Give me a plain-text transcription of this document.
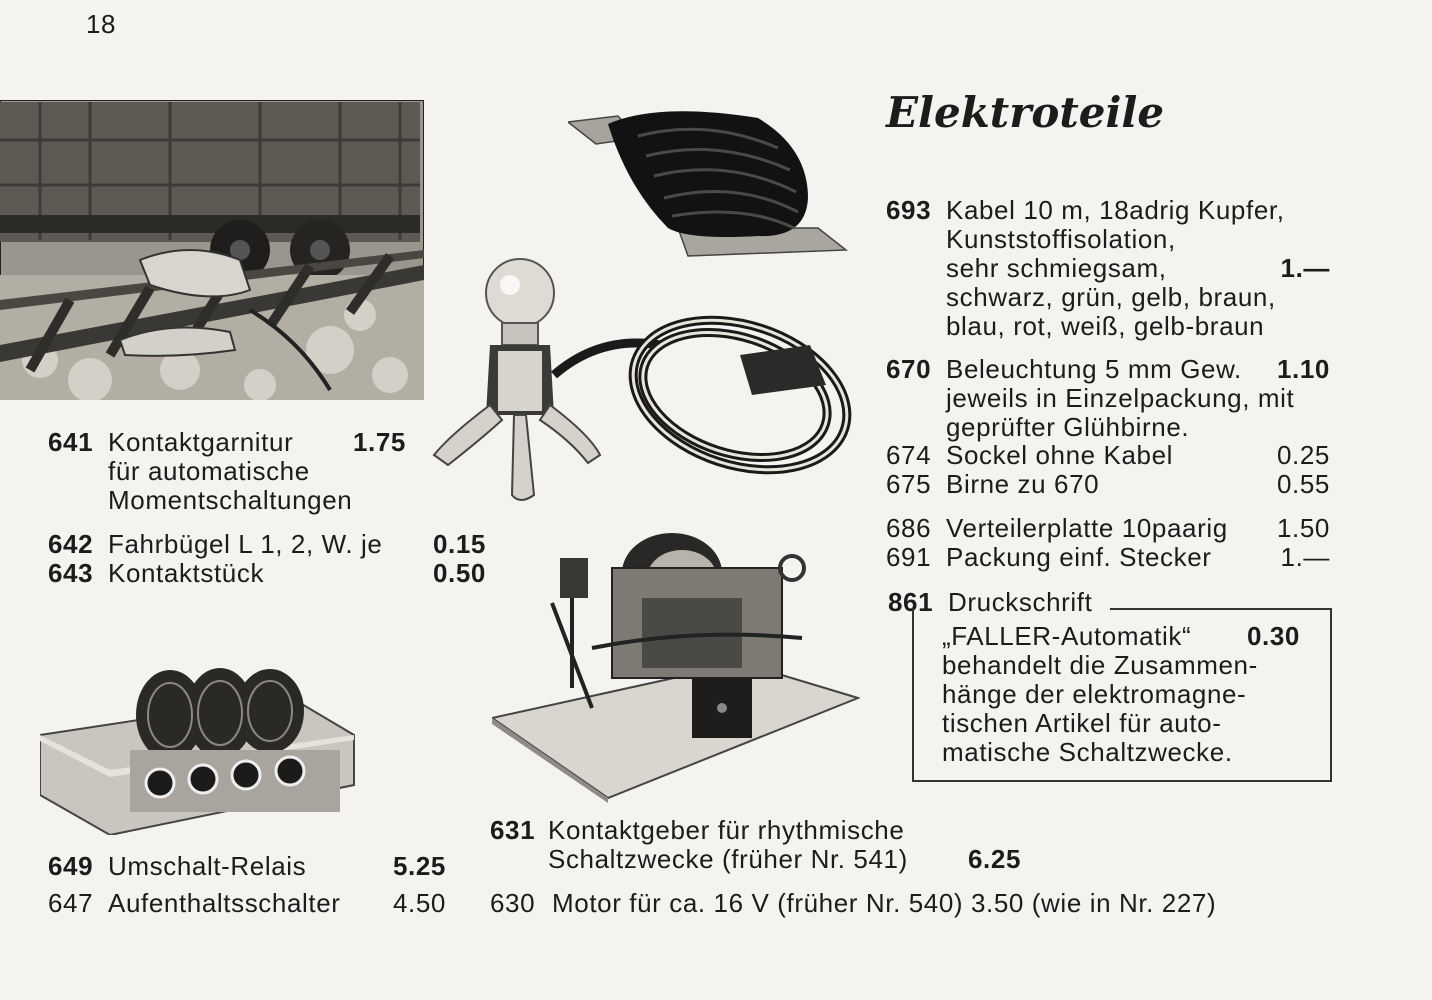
18
641 Kontaktgarnitur 1.75
für automatische
Momentschaltungen
642 Fahrbügel L 1, 2, W. je	0.15
643 Kontaktstück	0.50
649 Umschalt-Relais	5.25
647 Aufenthaltsschalter	4.50
631 Kontaktgeber für rhythmische
Schaltzwecke (früher Nr. 541) 6.25
630 Motor für ca. 16 V (früher Nr. 540) 3.50 (wie in Nr. 227)
Elektroteile
693 Kabel 10 m, 18adrig Kupfer,
Kunststoffisolation,
sehr schmiegsam,	1.—
schwarz, grün, gelb, braun,
blau, rot, weiß, gelb-braun
670 Beleuchtung 5 mm Gew.	1.10
jeweils in Einzelpackung, mit
geprüfter Glühbirne.
674 Sockel ohne Kabel	0.25
675 Birne zu 670	0.55
686 Verteilerplatte 10paarig	1.50
691 Packung einf. Stecker	1.—
861 Druckschrift
„FALLER-Automatik“	0.30
behandelt die Zusammen-
hänge der elektromagne-
tischen Artikel für auto-
matische Schaltzwecke.
